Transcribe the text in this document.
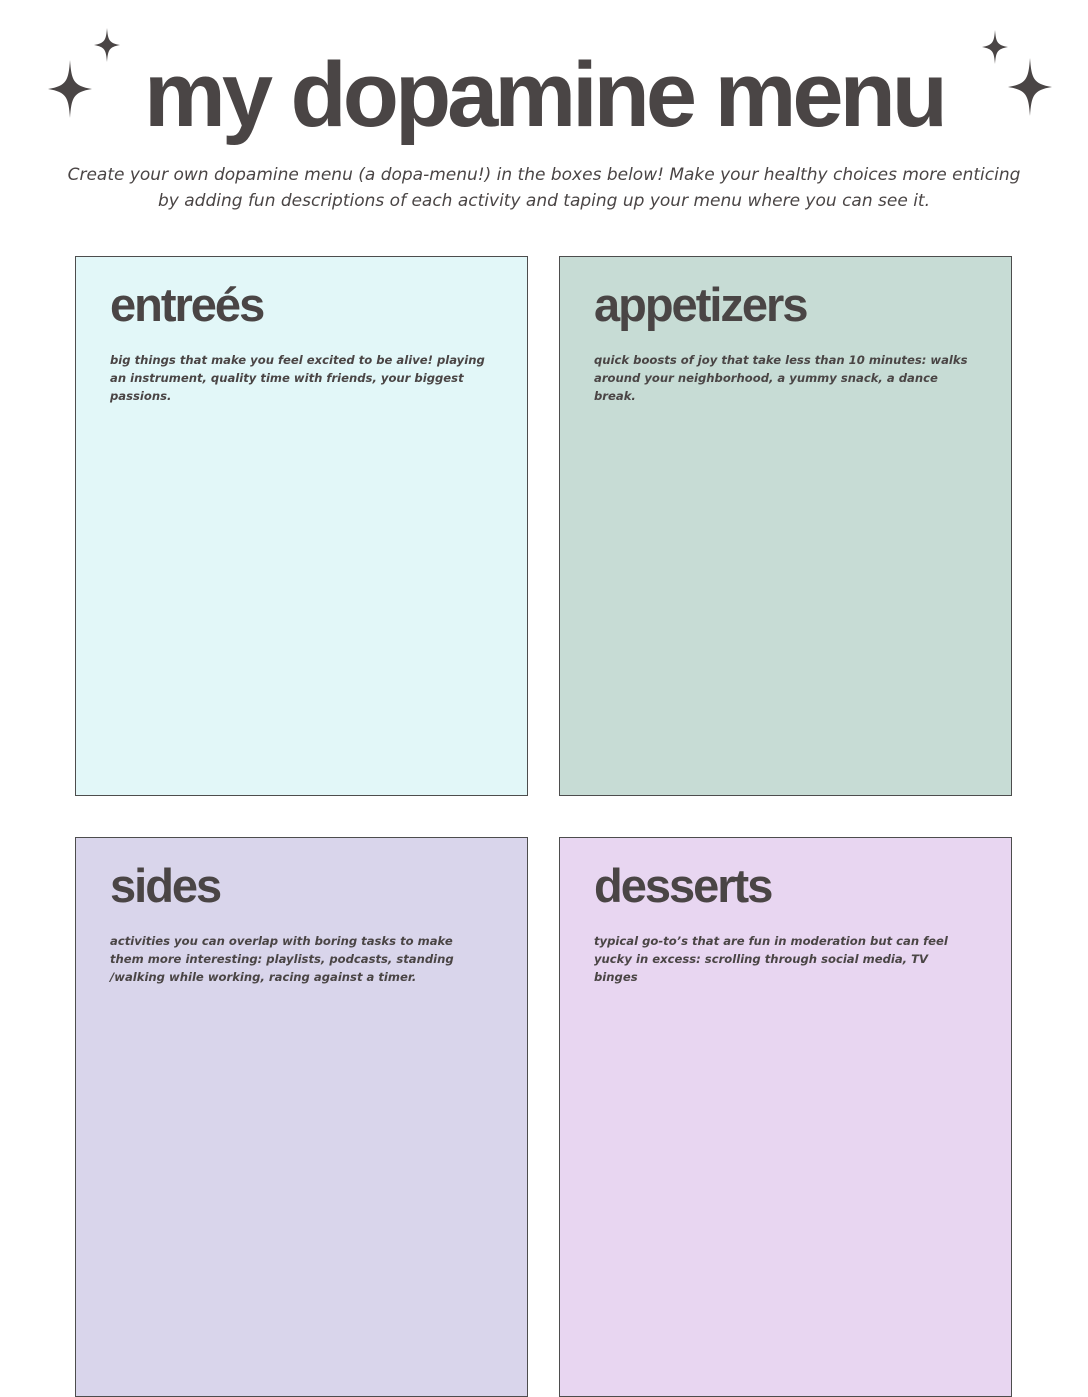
my dopamine menu

Create your own dopamine menu (a dopa-menu!) in the boxes below! Make your healthy choices more enticing by adding fun descriptions of each activity and taping up your menu where you can see it.

entreés

big things that make you feel excited to be alive! playing an instrument, quality time with friends, your biggest passions.

appetizers

quick boosts of joy that take less than 10 minutes: walks around your neighborhood, a yummy snack, a dance break.

sides

activities you can overlap with boring tasks to make them more interesting: playlists, podcasts, standing /walking while working, racing against a timer.

desserts

typical go-to’s that are fun in moderation but can feel yucky in excess: scrolling through social media, TV binges
